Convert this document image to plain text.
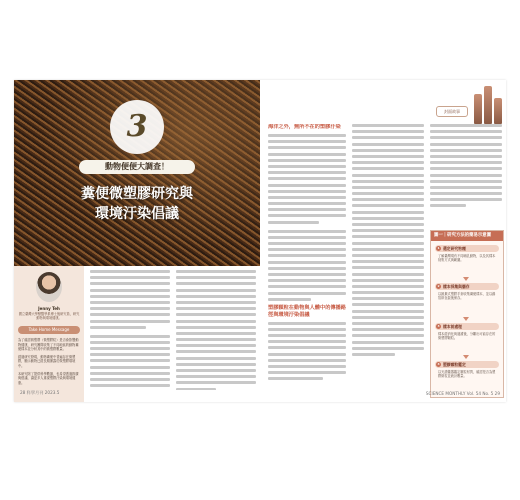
3
動物便便大調查！
糞便微塑膠研究與
環境汙染倡議
Jenny Teh
國立臺灣大學獸醫學系博士後研究員，研究動物與環境健康。
Take Home Message
為了確認微塑膠（微塑膠粒）是否會影響動物健康，研究團隊收集了不同地區的動物糞便樣本並分析其中的微塑膠數量。
經過研究發現，動物糞便中普遍存在微塑膠，顯示動物已經長期暴露於微塑膠環境中。
本研究除了提供科學數據，也希望透過推廣與倡議，讓更多人重視塑膠汙染與環境健康。
28 科學月刊 2023.5
封面故事
海洋之外，無所不在的塑膠汙染
塑膠顆粒在動物與人體中的傳播路徑與環境汙染倡議
圖一｜研究方法的簡易示意圖
1 選定研究物種
了解臺灣現有不同哺乳動物，以及其樣本採集方式與範圍。
2 樣本採集與儲存
以拋棄式塑膠手套收集糞便樣本，並以錫箔紙包裝後保存。
3 樣本前處理
樣本經消化與過濾後，分離出可能存在的微塑膠顆粒。
4 塑膠顆粒鑑定
以光譜儀器鑑定顆粒材質，確認是否為塑膠微粒並統計數量。
SCIENCE MONTHLY Vol. 54 No. 5 29
